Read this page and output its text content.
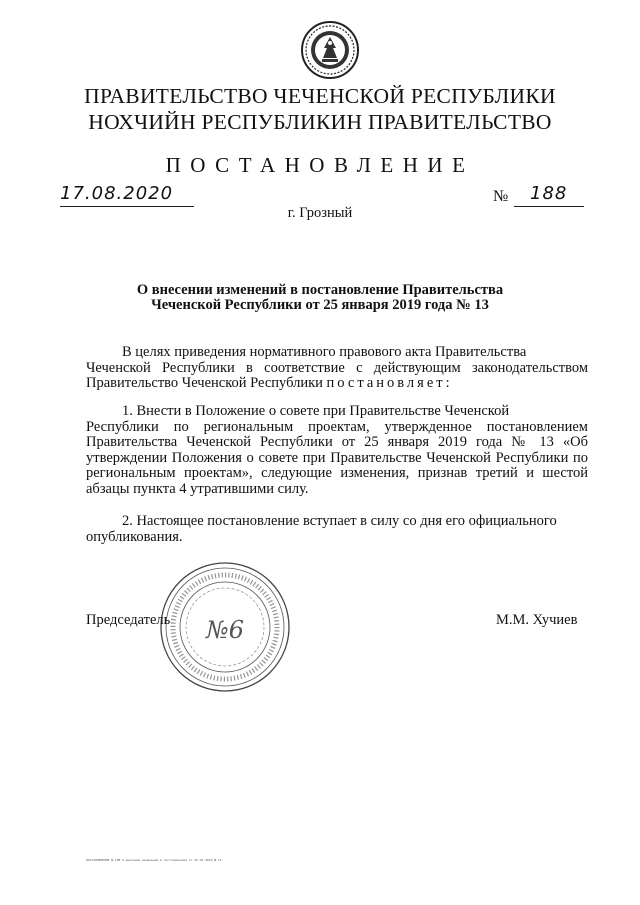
ПРАВИТЕЛЬСТВО ЧЕЧЕНСКОЙ РЕСПУБЛИКИ
НОХЧИЙН РЕСПУБЛИКИН ПРАВИТЕЛЬСТВО
ПОСТАНОВЛЕНИЕ
17.08.2020	№ 188
г. Грозный
О внесении изменений в постановление Правительства
Чеченской Республики от 25 января 2019 года № 13
В целях приведения нормативного правового акта Правительства
Чеченской Республики в соответствие с действующим законодательством Правительство Чеченской Республики постановляет:
1. Внести в Положение о совете при Правительстве Чеченской
Республики по региональным проектам, утвержденное постановлением Правительства Чеченской Республики от 25 января 2019 года № 13 «Об утверждении Положения о совете при Правительстве Чеченской Республики по региональным проектам», следующие изменения, признав третий и шестой абзацы пункта 4 утратившими силу.
2. Настоящее постановление вступает в силу со дня его официального
опубликования.
№6
Председатель	М.М. Хучиев
ПОСТАНОВЛЕНИЕ № 188 О внесении изменений в постановление от 25.01.2019 № 13
